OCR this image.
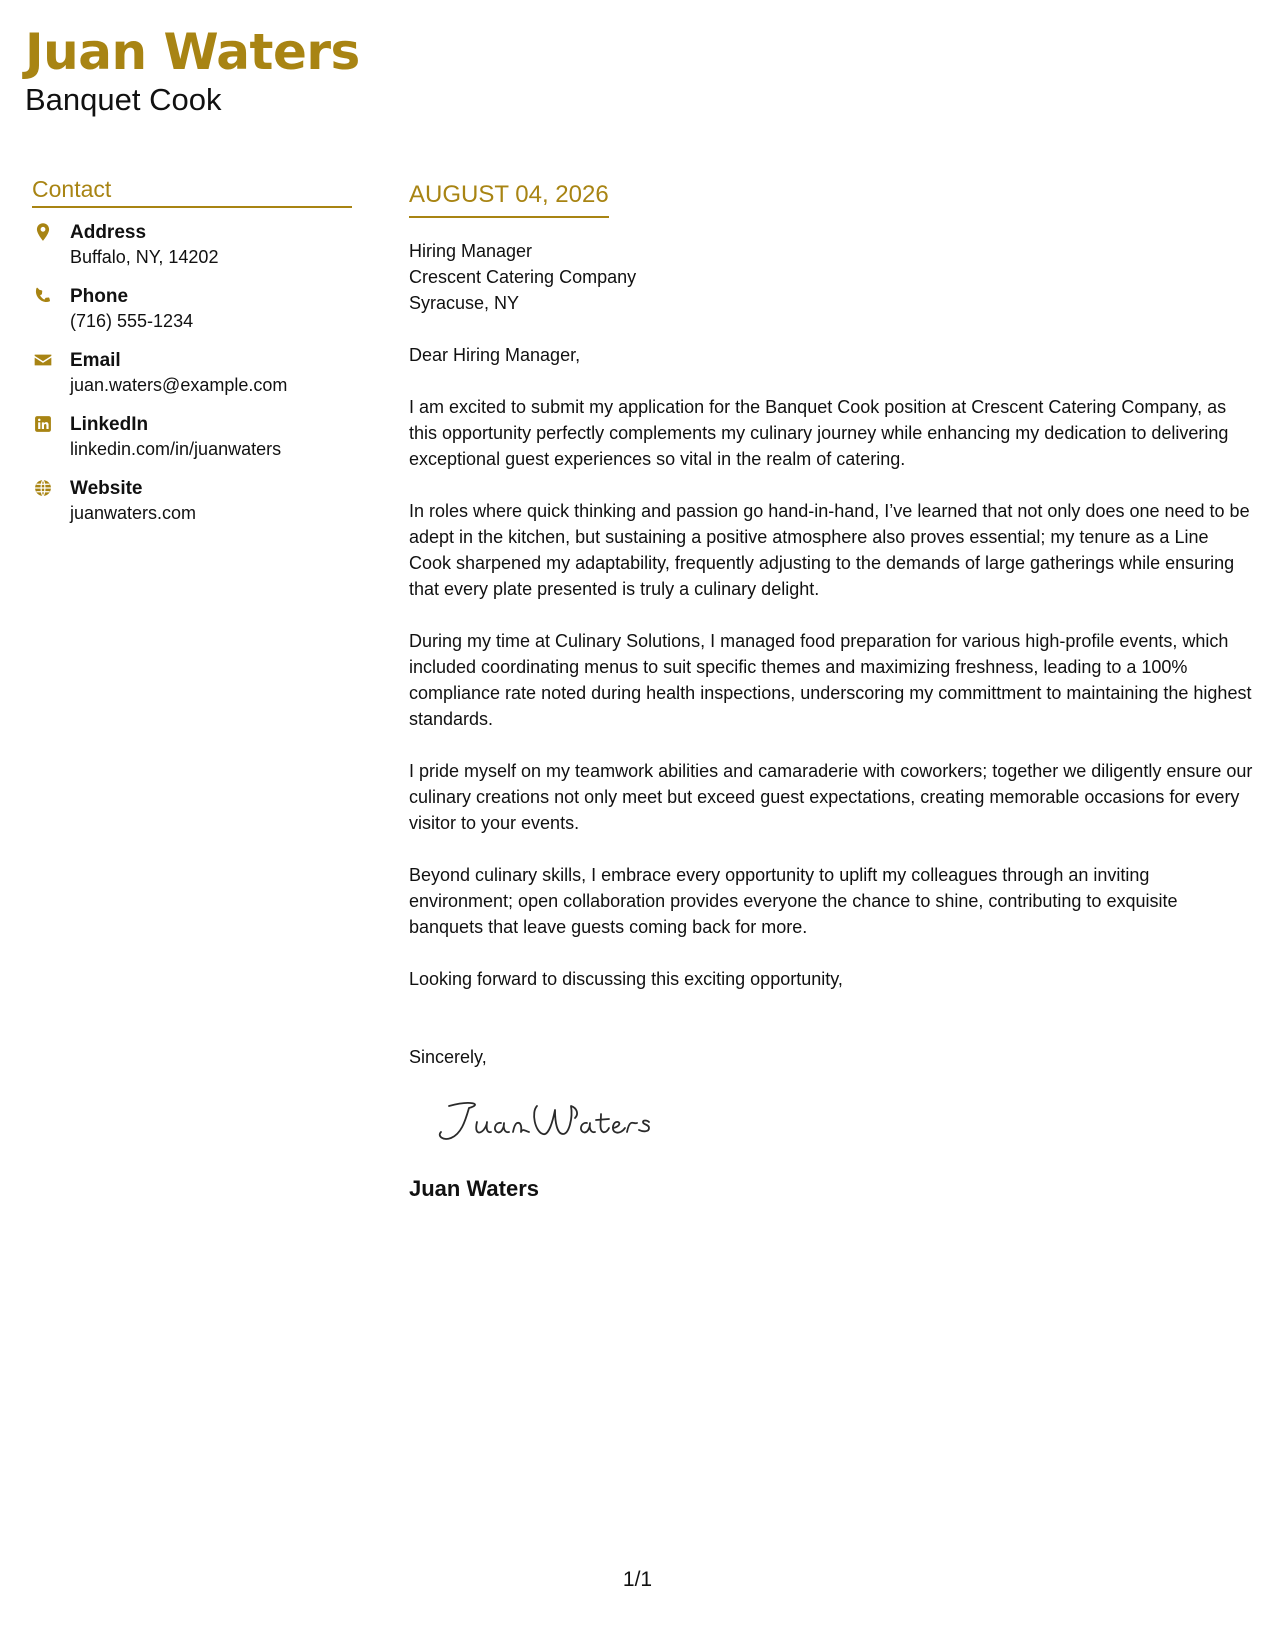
Juan Waters
Banquet Cook
Contact
Address
Buffalo, NY, 14202
Phone
(716) 555-1234
Email
juan.waters@example.com
LinkedIn
linkedin.com/in/juanwaters
Website
juanwaters.com
AUGUST 04, 2026
Hiring Manager
Crescent Catering Company
Syracuse, NY

Dear Hiring Manager,

I am excited to submit my application for the Banquet Cook position at Crescent Catering Company, as this opportunity perfectly complements my culinary journey while enhancing my dedication to delivering exceptional guest experiences so vital in the realm of catering.

In roles where quick thinking and passion go hand-in-hand, I’ve learned that not only does one need to be adept in the kitchen, but sustaining a positive atmosphere also proves essential; my tenure as a Line Cook sharpened my adaptability, frequently adjusting to the demands of large gatherings while ensuring that every plate presented is truly a culinary delight.

During my time at Culinary Solutions, I managed food preparation for various high-profile events, which included coordinating menus to suit specific themes and maximizing freshness, leading to a 100% compliance rate noted during health inspections, underscoring my committment to maintaining the highest standards.

I pride myself on my teamwork abilities and camaraderie with coworkers; together we diligently ensure our culinary creations not only meet but exceed guest expectations, creating memorable occasions for every visitor to your events.

Beyond culinary skills, I embrace every opportunity to uplift my colleagues through an inviting environment; open collaboration provides everyone the chance to shine, contributing to exquisite banquets that leave guests coming back for more.

Looking forward to discussing this exciting opportunity,

Sincerely,
Juan Waters
1/1
